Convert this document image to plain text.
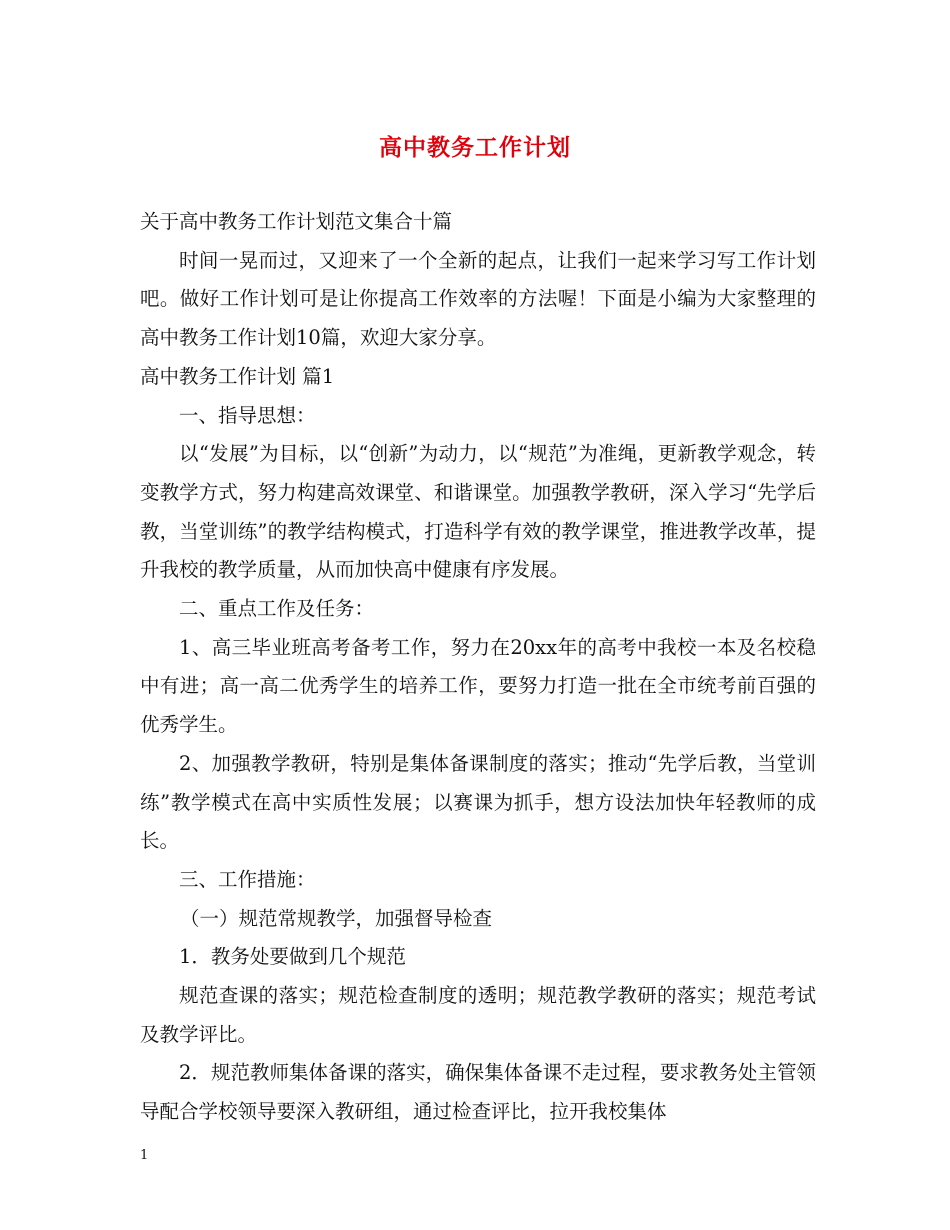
高中教务工作计划

关于高中教务工作计划范文集合十篇

时间一晃而过，又迎来了一个全新的起点，让我们一起来学习写工作计划吧。做好工作计划可是让你提高工作效率的方法喔！下面是小编为大家整理的高中教务工作计划10篇，欢迎大家分享。

高中教务工作计划 篇1

一、指导思想：

以“发展”为目标，以“创新”为动力，以“规范”为准绳，更新教学观念，转变教学方式，努力构建高效课堂、和谐课堂。加强教学教研，深入学习“先学后教，当堂训练”的教学结构模式，打造科学有效的教学课堂，推进教学改革，提升我校的教学质量，从而加快高中健康有序发展。

二、重点工作及任务：

1、高三毕业班高考备考工作，努力在20xx年的高考中我校一本及名校稳中有进；高一高二优秀学生的培养工作，要努力打造一批在全市统考前百强的优秀学生。

2、加强教学教研，特别是集体备课制度的落实；推动“先学后教，当堂训练”教学模式在高中实质性发展；以赛课为抓手，想方设法加快年轻教师的成长。

三、工作措施：

（一）规范常规教学，加强督导检查

1．教务处要做到几个规范

规范查课的落实；规范检查制度的透明；规范教学教研的落实；规范考试及教学评比。

2．规范教师集体备课的落实，确保集体备课不走过程，要求教务处主管领导配合学校领导要深入教研组，通过检查评比，拉开我校集体

1
